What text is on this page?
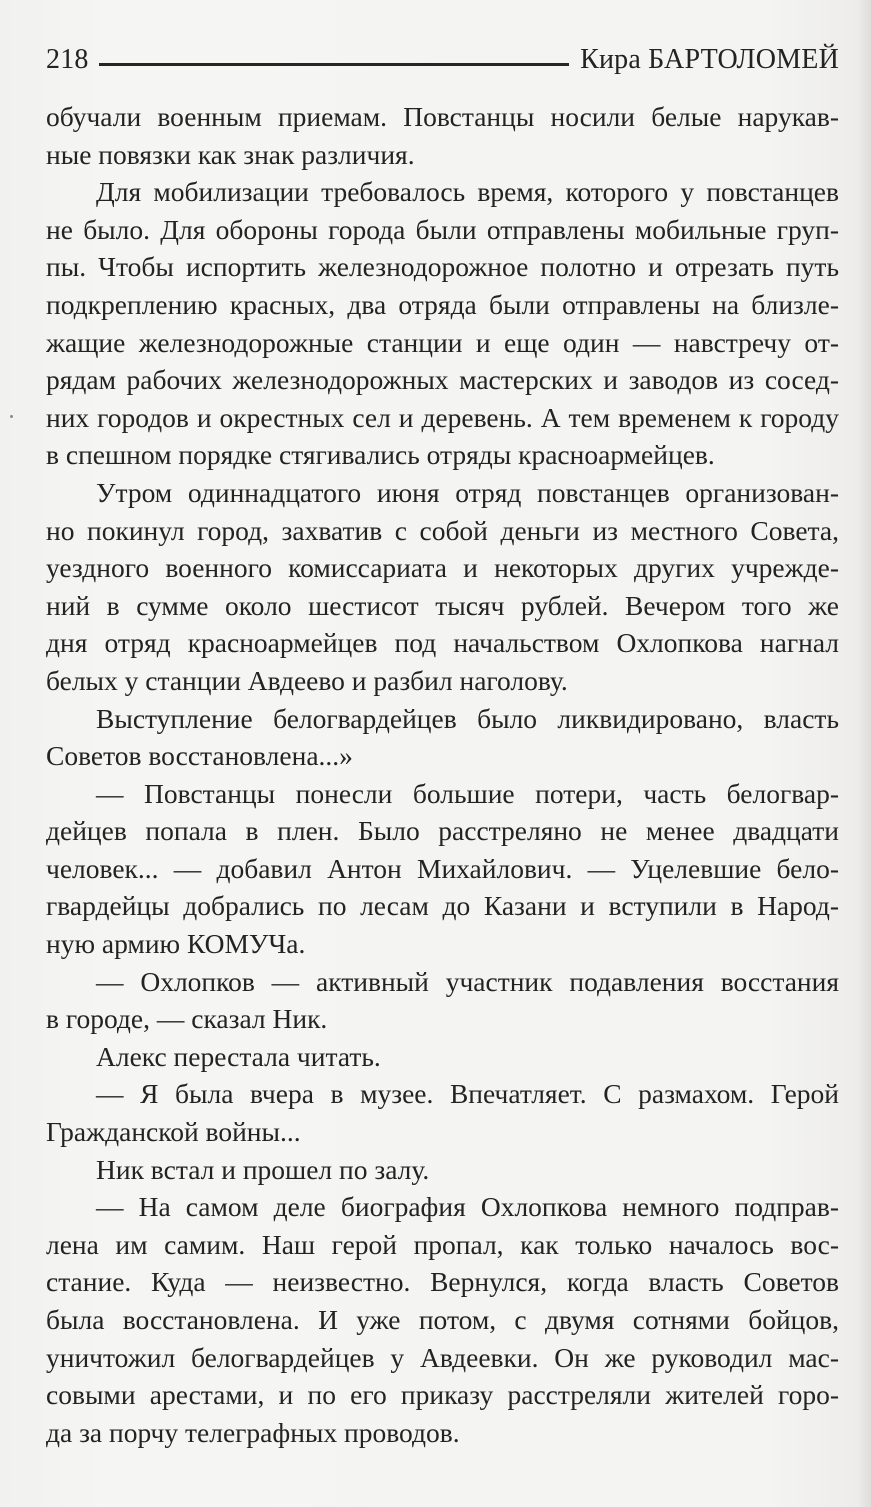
218	Кира БАРТОЛОМЕЙ
обучали военным приемам. Повстанцы носили белые нарукав-
ные повязки как знак различия.
Для мобилизации требовалось время, которого у повстанцев
не было. Для обороны города были отправлены мобильные груп-
пы. Чтобы испортить железнодорожное полотно и отрезать путь
подкреплению красных, два отряда были отправлены на близле-
жащие железнодорожные станции и еще один — навстречу от-
рядам рабочих железнодорожных мастерских и заводов из сосед-
них городов и окрестных сел и деревень. А тем временем к городу
в спешном порядке стягивались отряды красноармейцев.
Утром одиннадцатого июня отряд повстанцев организован-
но покинул город, захватив с собой деньги из местного Совета,
уездного военного комиссариата и некоторых других учрежде-
ний в сумме около шестисот тысяч рублей. Вечером того же
дня отряд красноармейцев под начальством Охлопкова нагнал
белых у станции Авдеево и разбил наголову.
Выступление белогвардейцев было ликвидировано, власть
Советов восстановлена...»
— Повстанцы понесли большие потери, часть белогвар-
дейцев попала в плен. Было расстреляно не менее двадцати
человек... — добавил Антон Михайлович. — Уцелевшие бело-
гвардейцы добрались по лесам до Казани и вступили в Народ-
ную армию КОМУЧа.
— Охлопков — активный участник подавления восстания
в городе, — сказал Ник.
Алекс перестала читать.
— Я была вчера в музее. Впечатляет. С размахом. Герой
Гражданской войны...
Ник встал и прошел по залу.
— На самом деле биография Охлопкова немного подправ-
лена им самим. Наш герой пропал, как только началось вос-
стание. Куда — неизвестно. Вернулся, когда власть Советов
была восстановлена. И уже потом, с двумя сотнями бойцов,
уничтожил белогвардейцев у Авдеевки. Он же руководил мас-
совыми арестами, и по его приказу расстреляли жителей горо-
да за порчу телеграфных проводов.
